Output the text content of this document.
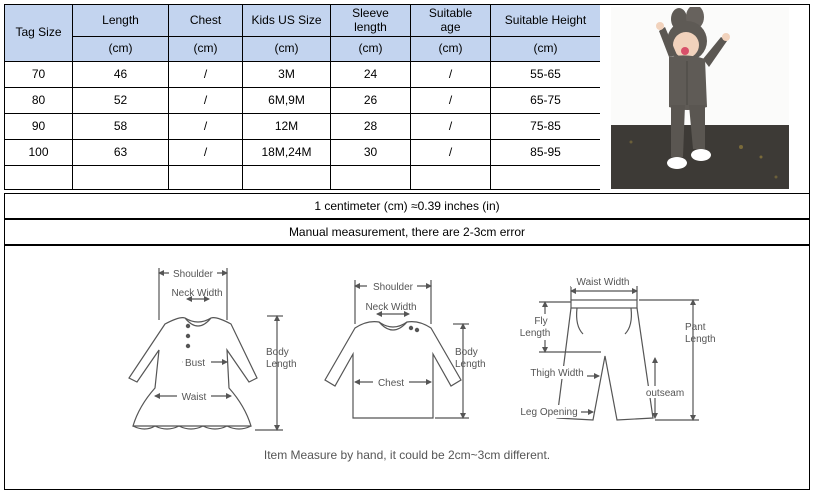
Tag Size	Length	Chest	Kids US Size	Sleeve length	Suitable age	Suitable Height
	(cm)	(cm)	(cm)	(cm)	(cm)	(cm)
70	46	/	3M	24	/	55-65
80	52	/	6M,9M	26	/	65-75
90	58	/	12M	28	/	75-85
100	63	/	18M,24M	30	/	85-95

1 centimeter (cm) ≈0.39 inches (in)
Manual measurement, there are 2-3cm error
Shoulder
Neck Width
Bust
Waist
Body
Length
Shoulder
Neck Width
Chest
Body
Length
Waist Width
Fly
Length
Thigh Width
outseam
Leg Opening
Pant
Length
Item Measure by hand, it could be 2cm~3cm different.
